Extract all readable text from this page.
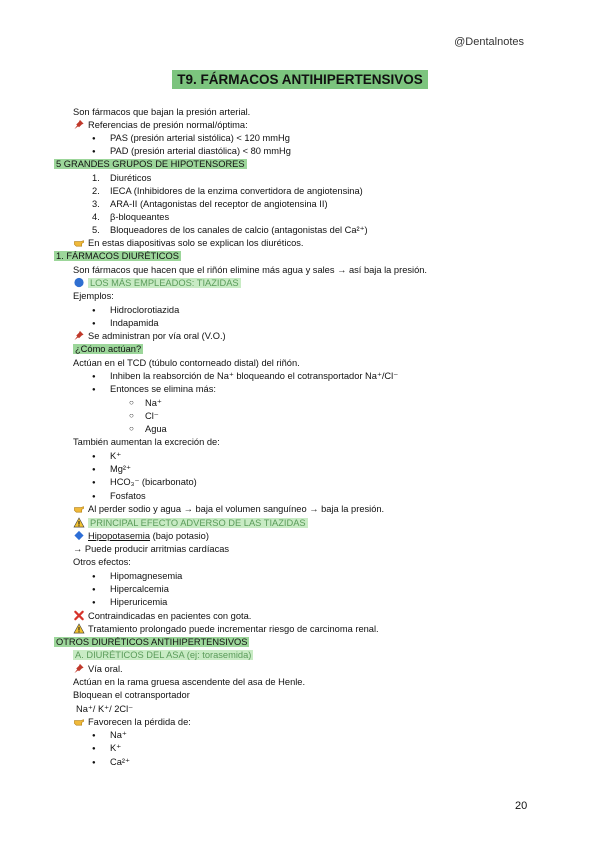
@Dentalnotes
T9. FÁRMACOS ANTIHIPERTENSIVOS
Son fármacos que bajan la presión arterial.
Referencias de presión normal/óptima:
● PAS (presión arterial sistólica) < 120 mmHg
● PAD (presión arterial diastólica) < 80 mmHg
5 GRANDES GRUPOS DE HIPOTENSORES
1. Diuréticos
2. IECA (Inhibidores de la enzima convertidora de angiotensina)
3. ARA-II (Antagonistas del receptor de angiotensina II)
4. β-bloqueantes
5. Bloqueadores de los canales de calcio (antagonistas del Ca²⁺)
En estas diapositivas solo se explican los diuréticos.
1. FÁRMACOS DIURÉTICOS
Son fármacos que hacen que el riñón elimine más agua y sales → así baja la presión.
LOS MÁS EMPLEADOS: TIAZIDAS
Ejemplos:
● Hidroclorotiazida
● Indapamida
Se administran por vía oral (V.O.)
¿Cómo actúan?
Actúan en el TCD (túbulo contorneado distal) del riñón.
● Inhiben la reabsorción de Na⁺ bloqueando el cotransportador Na⁺/Cl⁻
● Entonces se elimina más:
○ Na⁺
○ Cl⁻
○ Agua
También aumentan la excreción de:
● K⁺
● Mg²⁺
● HCO₃⁻ (bicarbonato)
● Fosfatos
Al perder sodio y agua → baja el volumen sanguíneo → baja la presión.
PRINCIPAL EFECTO ADVERSO DE LAS TIAZIDAS
Hipopotasemia (bajo potasio)
→ Puede producir arritmias cardíacas
Otros efectos:
● Hipomagnesemia
● Hipercalcemia
● Hiperuricemia
Contraindicadas en pacientes con gota.
Tratamiento prolongado puede incrementar riesgo de carcinoma renal.
OTROS DIURÉTICOS ANTIHIPERTENSIVOS
A. DIURÉTICOS DEL ASA (ej: torasemida)
Vía oral.
Actúan en la rama gruesa ascendente del asa de Henle.
Bloquean el cotransportador
Na⁺/ K⁺/ 2Cl⁻
Favorecen la pérdida de:
● Na⁺
● K⁺
● Ca²⁺
20
